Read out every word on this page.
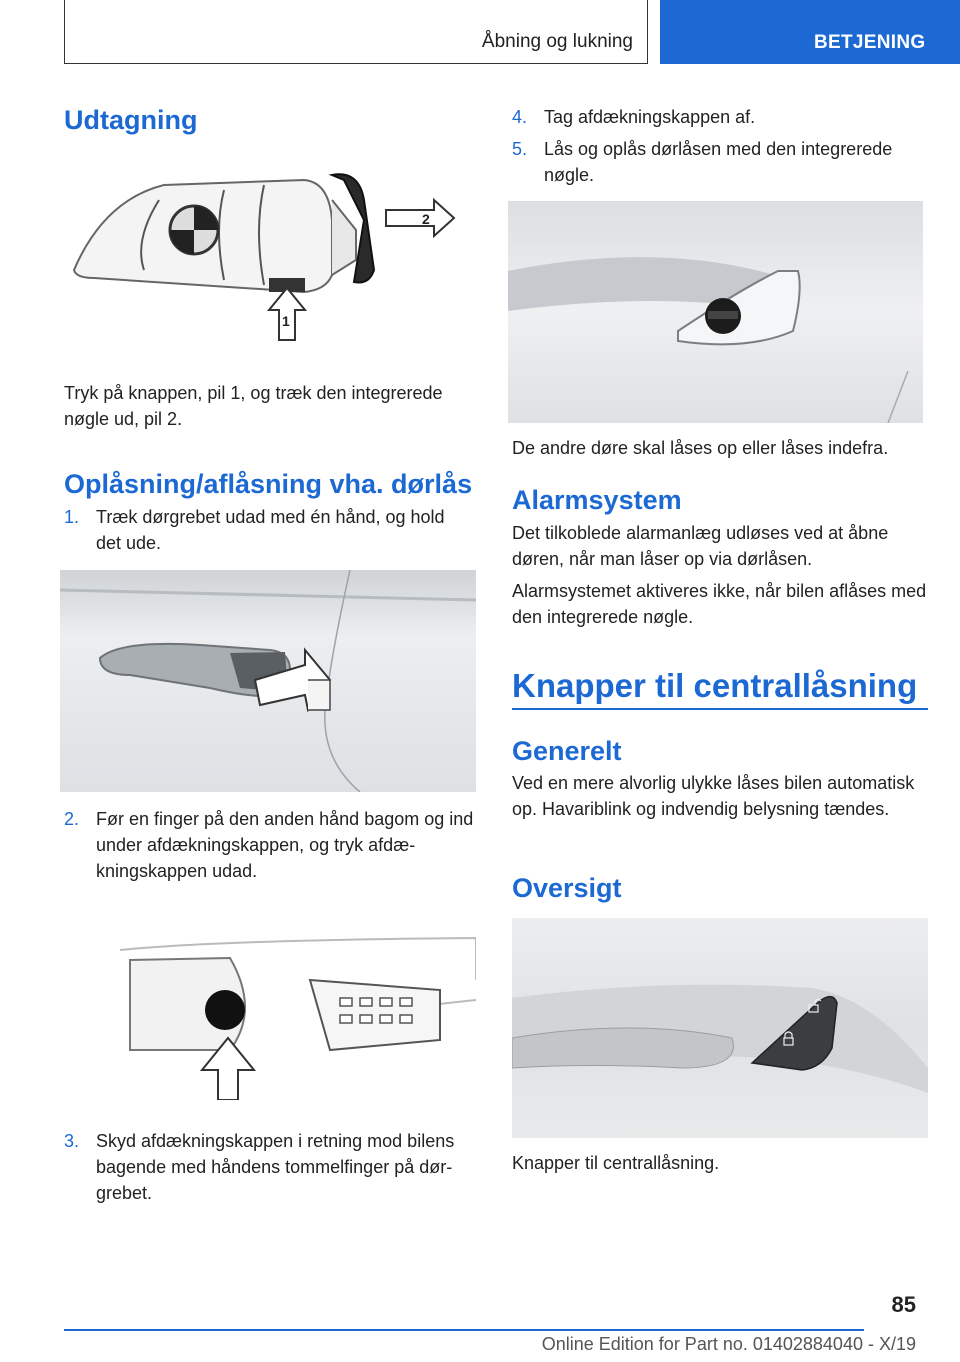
Åbning og lukning	BETJENING
Udtagning
2
1

Tryk på knappen, pil 1, og træk den integrerede nøgle ud, pil 2.

Oplåsning/aflåsning vha. dørlås
1. Træk dørgrebet udad med én hånd, og hold det ude.
2. Før en finger på den anden hånd bagom og ind under afdækningskappen, og tryk afdækningskappen udad.
3. Skyd afdækningskappen i retning mod bilens bagende med håndens tommelfinger på dørgrebet.
4. Tag afdækningskappen af.
5. Lås og oplås dørlåsen med den integrerede nøgle.

De andre døre skal låses op eller låses indefra.

Alarmsystem

Det tilkoblede alarmanlæg udløses ved at åbne døren, når man låser op via dørlåsen.

Alarmsystemet aktiveres ikke, når bilen aflåses med den integrerede nøgle.

Knapper til centrallåsning
Generelt

Ved en mere alvorlig ulykke låses bilen automatisk op. Havariblink og indvendig belysning tændes.

Oversigt

Knapper til centrallåsning.

85
Online Edition for Part no. 01402884040 - X/19
